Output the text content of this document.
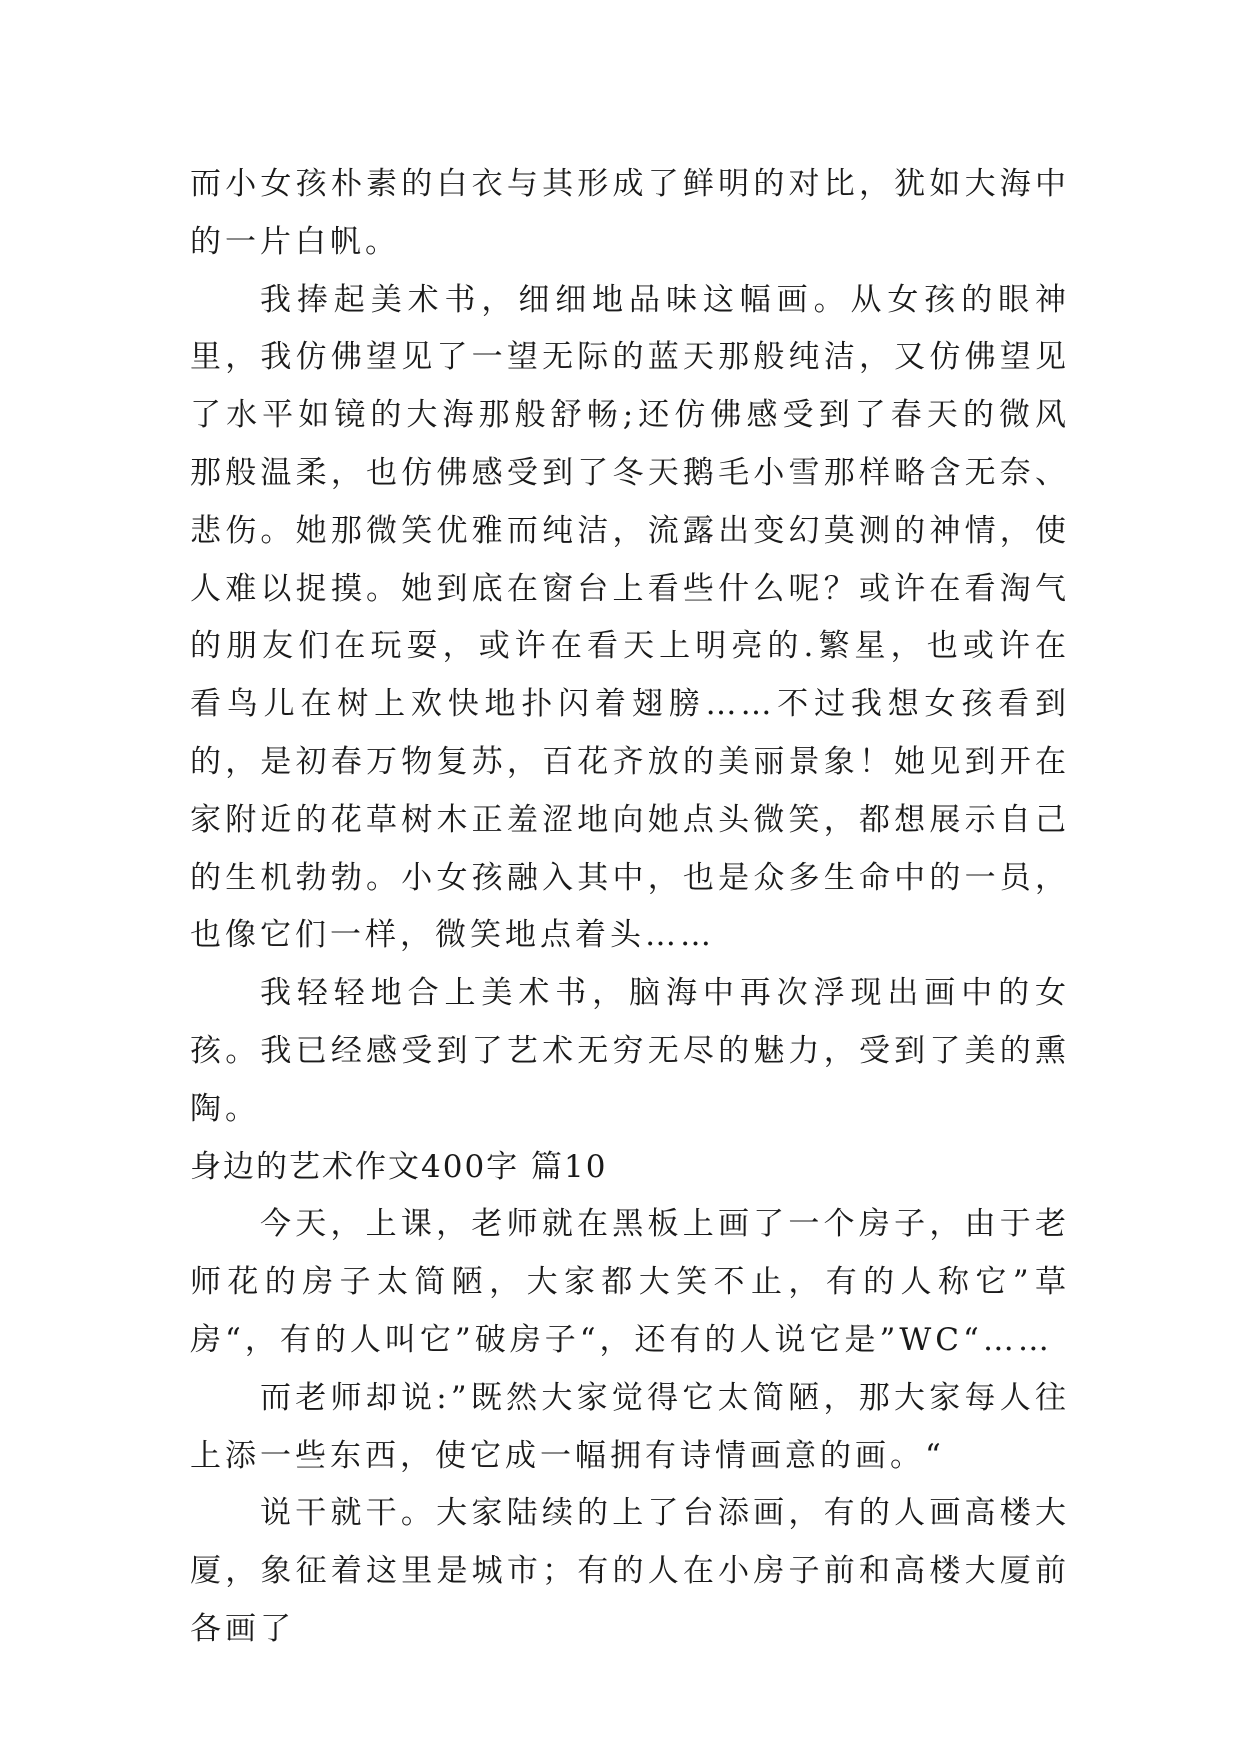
而小女孩朴素的白衣与其形成了鲜明的对比，犹如大海中的一片白帆。

我捧起美术书，细细地品味这幅画。从女孩的眼神里，我仿佛望见了一望无际的蓝天那般纯洁，又仿佛望见了水平如镜的大海那般舒畅;还仿佛感受到了春天的微风那般温柔，也仿佛感受到了冬天鹅毛小雪那样略含无奈、悲伤。她那微笑优雅而纯洁，流露出变幻莫测的神情，使人难以捉摸。她到底在窗台上看些什么呢？或许在看淘气的朋友们在玩耍，或许在看天上明亮的.繁星，也或许在看鸟儿在树上欢快地扑闪着翅膀……不过我想女孩看到的，是初春万物复苏，百花齐放的美丽景象！她见到开在家附近的花草树木正羞涩地向她点头微笑，都想展示自己的生机勃勃。小女孩融入其中，也是众多生命中的一员，也像它们一样，微笑地点着头……

我轻轻地合上美术书，脑海中再次浮现出画中的女孩。我已经感受到了艺术无穷无尽的魅力，受到了美的熏陶。

身边的艺术作文400字 篇10

今天，上课，老师就在黑板上画了一个房子，由于老师花的房子太简陋，大家都大笑不止，有的人称它”草房“，有的人叫它”破房子“，还有的人说它是”WC“……

而老师却说:”既然大家觉得它太简陋，那大家每人往上添一些东西，使它成一幅拥有诗情画意的画。“

说干就干。大家陆续的上了台添画，有的人画高楼大厦，象征着这里是城市；有的人在小房子前和高楼大厦前各画了
